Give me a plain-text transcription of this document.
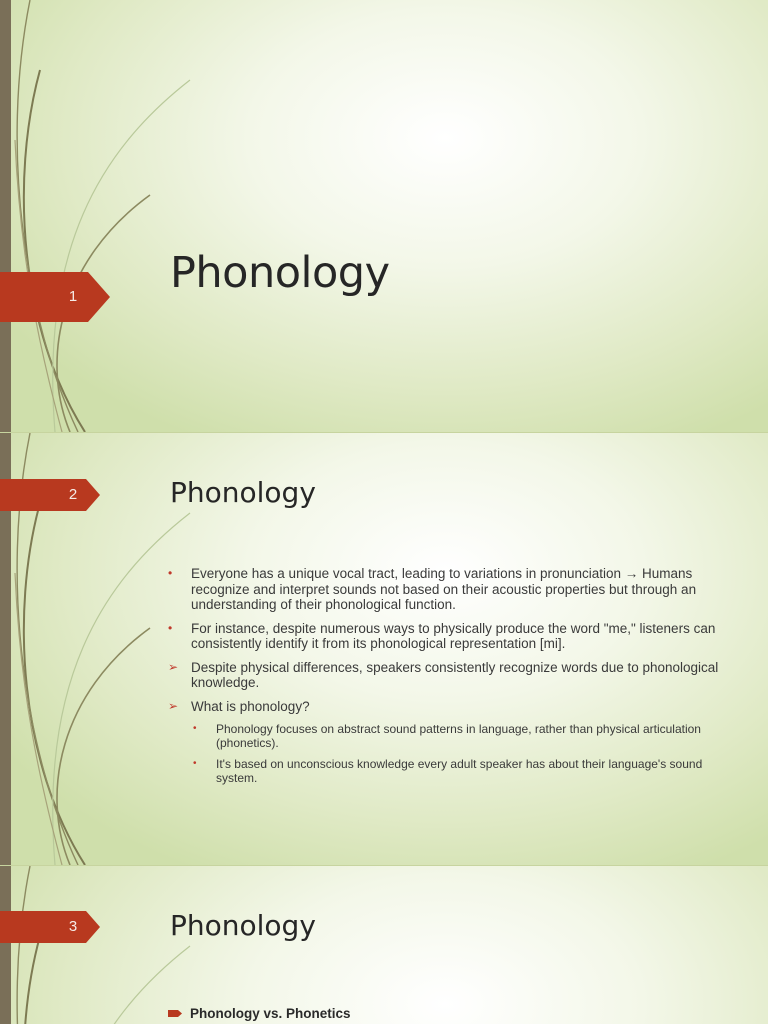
1 Phonology
2	Phonology
• Everyone has a unique vocal tract, leading to variations in pronunciation → Humans recognize and interpret sounds not based on their acoustic properties but through an understanding of their phonological function.
• For instance, despite numerous ways to physically produce the word "me," listeners can consistently identify it from its phonological representation [mi].
➢ Despite physical differences, speakers consistently recognize words due to phonological knowledge.
➢ What is phonology?
• Phonology focuses on abstract sound patterns in language, rather than physical articulation (phonetics).
• It's based on unconscious knowledge every adult speaker has about their language's sound system.
3	Phonology
Phonology vs. Phonetics
